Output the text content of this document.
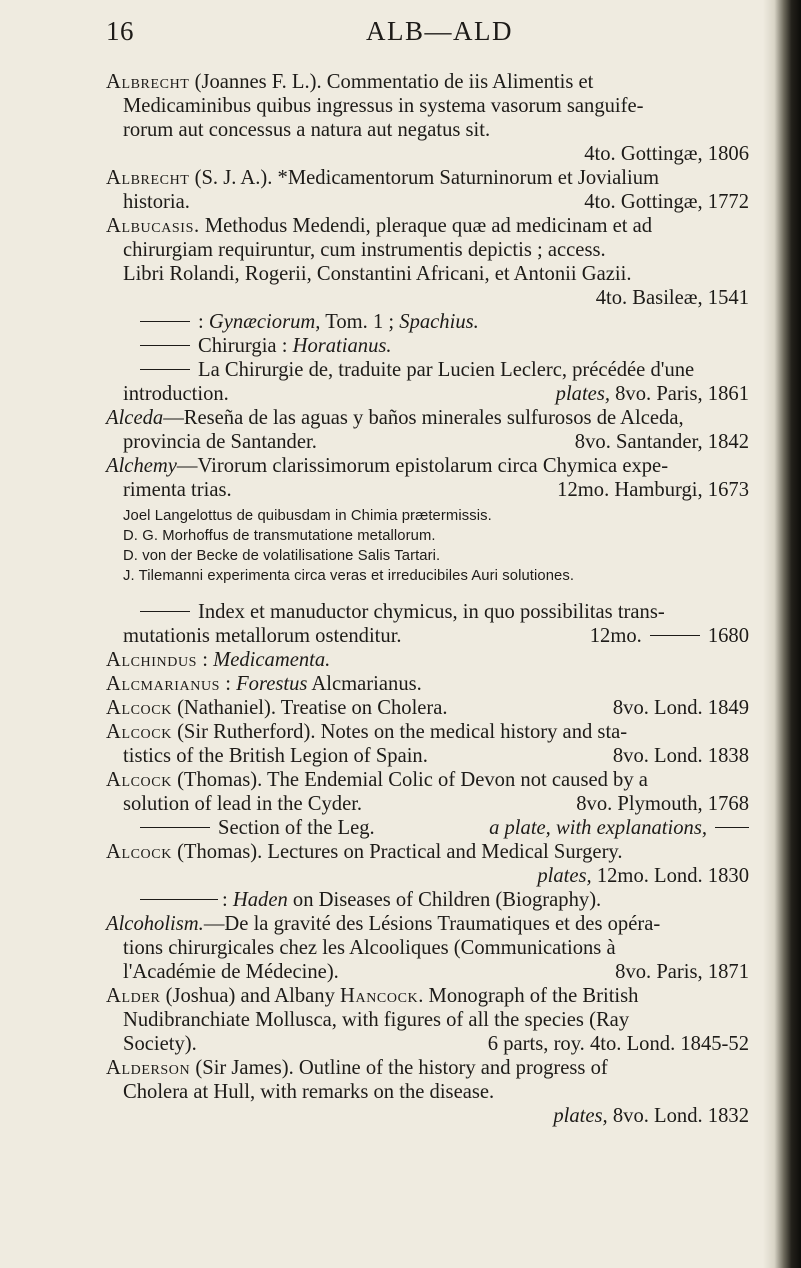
16	ALB—ALD
Albrecht (Joannes F. L.). Commentatio de iis Alimentis et
Medicaminibus quibus ingressus in systema vasorum sanguife-
rorum aut concessus a natura aut negatus sit.
4to. Gottingæ, 1806
Albrecht (S. J. A.). *Medicamentorum Saturninorum et Jovialium
historia.	4to. Gottingæ, 1772
Albucasis. Methodus Medendi, pleraque quæ ad medicinam et ad
chirurgiam requiruntur, cum instrumentis depictis ; access.
Libri Rolandi, Rogerii, Constantini Africani, et Antonii Gazii.
4to. Basileæ, 1541
: Gynæciorum, Tom. 1 ; Spachius.
Chirurgia : Horatianus.
La Chirurgie de, traduite par Lucien Leclerc, précédée d'une
introduction.	plates, 8vo. Paris, 1861
Alceda—Reseña de las aguas y baños minerales sulfurosos de Alceda,
provincia de Santander.	8vo. Santander, 1842
Alchemy—Virorum clarissimorum epistolarum circa Chymica expe-
rimenta trias.	12mo. Hamburgi, 1673
Joel Langelottus de quibusdam in Chimia prætermissis.
D. G. Morhoffus de transmutatione metallorum.
D. von der Becke de volatilisatione Salis Tartari.
J. Tilemanni experimenta circa veras et irreducibiles Auri solutiones.
Index et manuductor chymicus, in quo possibilitas trans-
mutationis metallorum ostenditur.	12mo.	1680
Alchindus : Medicamenta.
Alcmarianus : Forestus Alcmarianus.
Alcock (Nathaniel). Treatise on Cholera.	8vo. Lond. 1849
Alcock (Sir Rutherford). Notes on the medical history and sta-
tistics of the British Legion of Spain.	8vo. Lond. 1838
Alcock (Thomas). The Endemial Colic of Devon not caused by a
solution of lead in the Cyder.	8vo. Plymouth, 1768
Section of the Leg.	a plate, with explanations,
Alcock (Thomas). Lectures on Practical and Medical Surgery.
plates, 12mo. Lond. 1830
: Haden on Diseases of Children (Biography).
Alcoholism.—De la gravité des Lésions Traumatiques et des opéra-
tions chirurgicales chez les Alcooliques (Communications à
l'Académie de Médecine).	8vo. Paris, 1871
Alder (Joshua) and Albany Hancock. Monograph of the British
Nudibranchiate Mollusca, with figures of all the species (Ray
Society).	6 parts, roy. 4to. Lond. 1845-52
Alderson (Sir James). Outline of the history and progress of
Cholera at Hull, with remarks on the disease.
plates, 8vo. Lond. 1832
